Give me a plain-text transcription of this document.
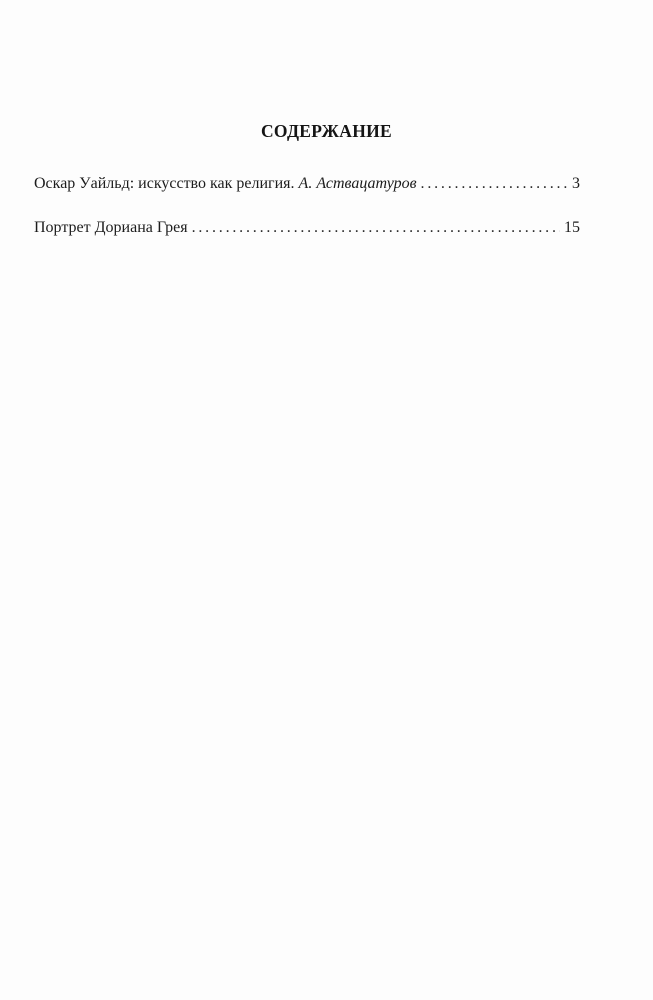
СОДЕРЖАНИЕ
Оскар Уайльд: искусство как религия. А. Аствацатуров . . .	3
Портрет Дориана Грея . . .	15
